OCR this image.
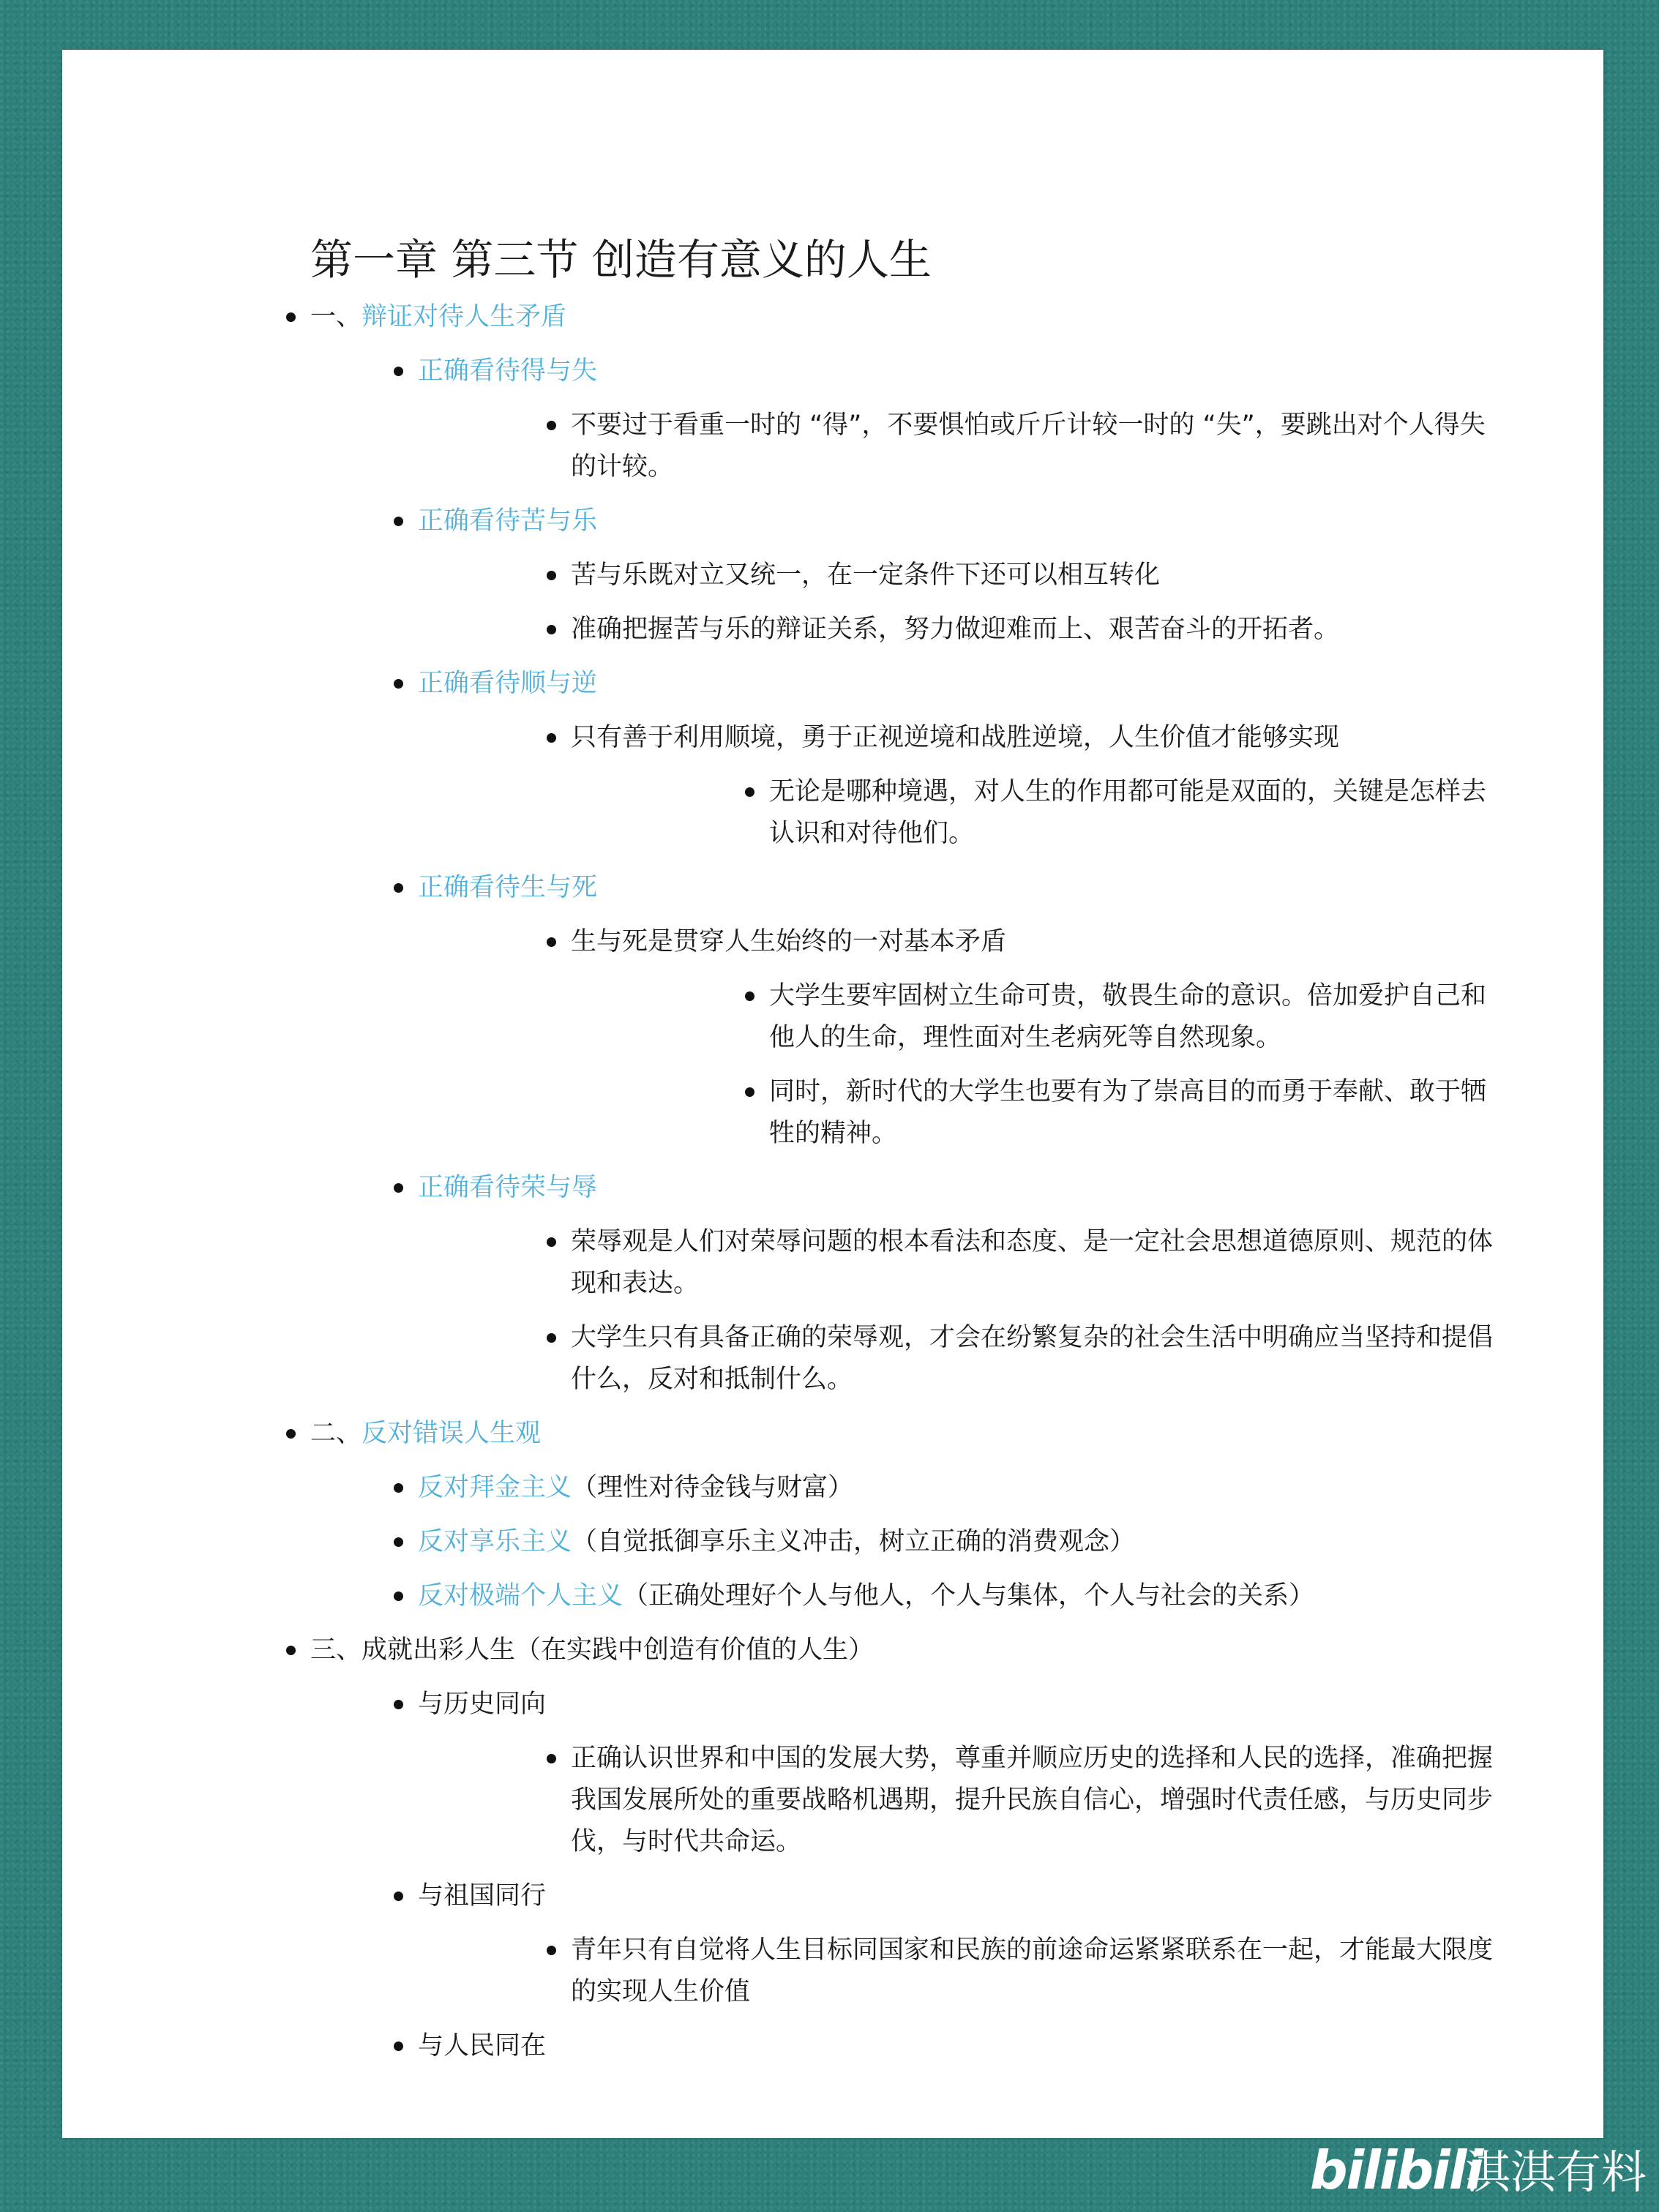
第一章 第三节 创造有意义的人生
一、辩证对待人生矛盾
正确看待得与失
不要过于看重一时的 “得”，不要惧怕或斤斤计较一时的 “失”，要跳出对个人得失的计较。
正确看待苦与乐
苦与乐既对立又统一，在一定条件下还可以相互转化
准确把握苦与乐的辩证关系，努力做迎难而上、艰苦奋斗的开拓者。
正确看待顺与逆
只有善于利用顺境，勇于正视逆境和战胜逆境，人生价值才能够实现
无论是哪种境遇，对人生的作用都可能是双面的，关键是怎样去认识和对待他们。
正确看待生与死
生与死是贯穿人生始终的一对基本矛盾
大学生要牢固树立生命可贵，敬畏生命的意识。倍加爱护自己和他人的生命，理性面对生老病死等自然现象。
同时，新时代的大学生也要有为了崇高目的而勇于奉献、敢于牺牲的精神。
正确看待荣与辱
荣辱观是人们对荣辱问题的根本看法和态度、是一定社会思想道德原则、规范的体现和表达。
大学生只有具备正确的荣辱观，才会在纷繁复杂的社会生活中明确应当坚持和提倡什么，反对和抵制什么。
二、反对错误人生观
反对拜金主义（理性对待金钱与财富）
反对享乐主义（自觉抵御享乐主义冲击，树立正确的消费观念）
反对极端个人主义（正确处理好个人与他人，个人与集体，个人与社会的关系）
三、成就出彩人生（在实践中创造有价值的人生）
与历史同向
正确认识世界和中国的发展大势，尊重并顺应历史的选择和人民的选择，准确把握我国发展所处的重要战略机遇期，提升民族自信心，增强时代责任感，与历史同步伐，与时代共命运。
与祖国同行
青年只有自觉将人生目标同国家和民族的前途命运紧紧联系在一起，才能最大限度的实现人生价值
与人民同在
bilibili
淇淇有料
